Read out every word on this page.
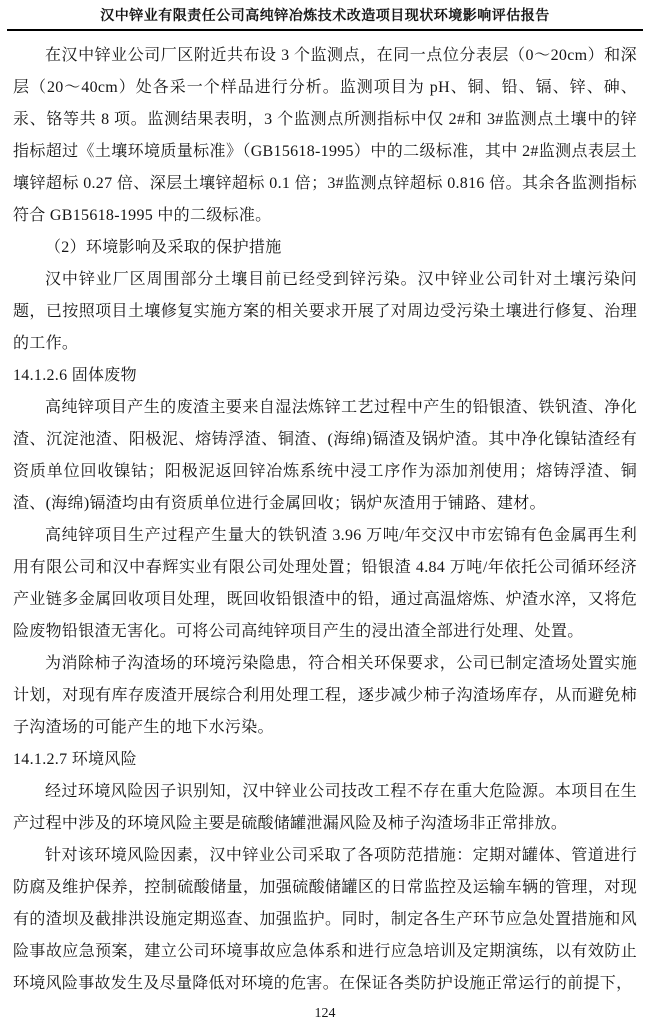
汉中锌业有限责任公司高纯锌冶炼技术改造项目现状环境影响评估报告

在汉中锌业公司厂区附近共布设 3 个监测点，在同一点位分表层（0～20cm）和深层（20～40cm）处各采一个样品进行分析。监测项目为 pH、铜、铅、镉、锌、砷、汞、铬等共 8 项。监测结果表明，3 个监测点所测指标中仅 2#和 3#监测点土壤中的锌指标超过《土壤环境质量标准》（GB15618-1995）中的二级标准，其中 2#监测点表层土壤锌超标 0.27 倍、深层土壤锌超标 0.1 倍；3#监测点锌超标 0.816 倍。其余各监测指标符合 GB15618-1995 中的二级标准。

（2）环境影响及采取的保护措施

汉中锌业厂区周围部分土壤目前已经受到锌污染。汉中锌业公司针对土壤污染问题，已按照项目土壤修复实施方案的相关要求开展了对周边受污染土壤进行修复、治理的工作。

14.1.2.6 固体废物

高纯锌项目产生的废渣主要来自湿法炼锌工艺过程中产生的铅银渣、铁钒渣、净化渣、沉淀池渣、阳极泥、熔铸浮渣、铜渣、(海绵)镉渣及锅炉渣。其中净化镍钴渣经有资质单位回收镍钴；阳极泥返回锌冶炼系统中浸工序作为添加剂使用；熔铸浮渣、铜渣、(海绵)镉渣均由有资质单位进行金属回收；锅炉灰渣用于铺路、建材。

高纯锌项目生产过程产生量大的铁钒渣 3.96 万吨/年交汉中市宏锦有色金属再生利用有限公司和汉中春辉实业有限公司处理处置；铅银渣 4.84 万吨/年依托公司循环经济产业链多金属回收项目处理，既回收铅银渣中的铅，通过高温熔炼、炉渣水淬，又将危险废物铅银渣无害化。可将公司高纯锌项目产生的浸出渣全部进行处理、处置。

为消除柿子沟渣场的环境污染隐患，符合相关环保要求，公司已制定渣场处置实施计划，对现有库存废渣开展综合利用处理工程，逐步减少柿子沟渣场库存，从而避免柿子沟渣场的可能产生的地下水污染。

14.1.2.7 环境风险

经过环境风险因子识别知，汉中锌业公司技改工程不存在重大危险源。本项目在生产过程中涉及的环境风险主要是硫酸储罐泄漏风险及柿子沟渣场非正常排放。

针对该环境风险因素，汉中锌业公司采取了各项防范措施：定期对罐体、管道进行防腐及维护保养，控制硫酸储量，加强硫酸储罐区的日常监控及运输车辆的管理，对现有的渣坝及截排洪设施定期巡查、加强监护。同时，制定各生产环节应急处置措施和风险事故应急预案，建立公司环境事故应急体系和进行应急培训及定期演练，以有效防止环境风险事故发生及尽量降低对环境的危害。在保证各类防护设施正常运行的前提下，

124
